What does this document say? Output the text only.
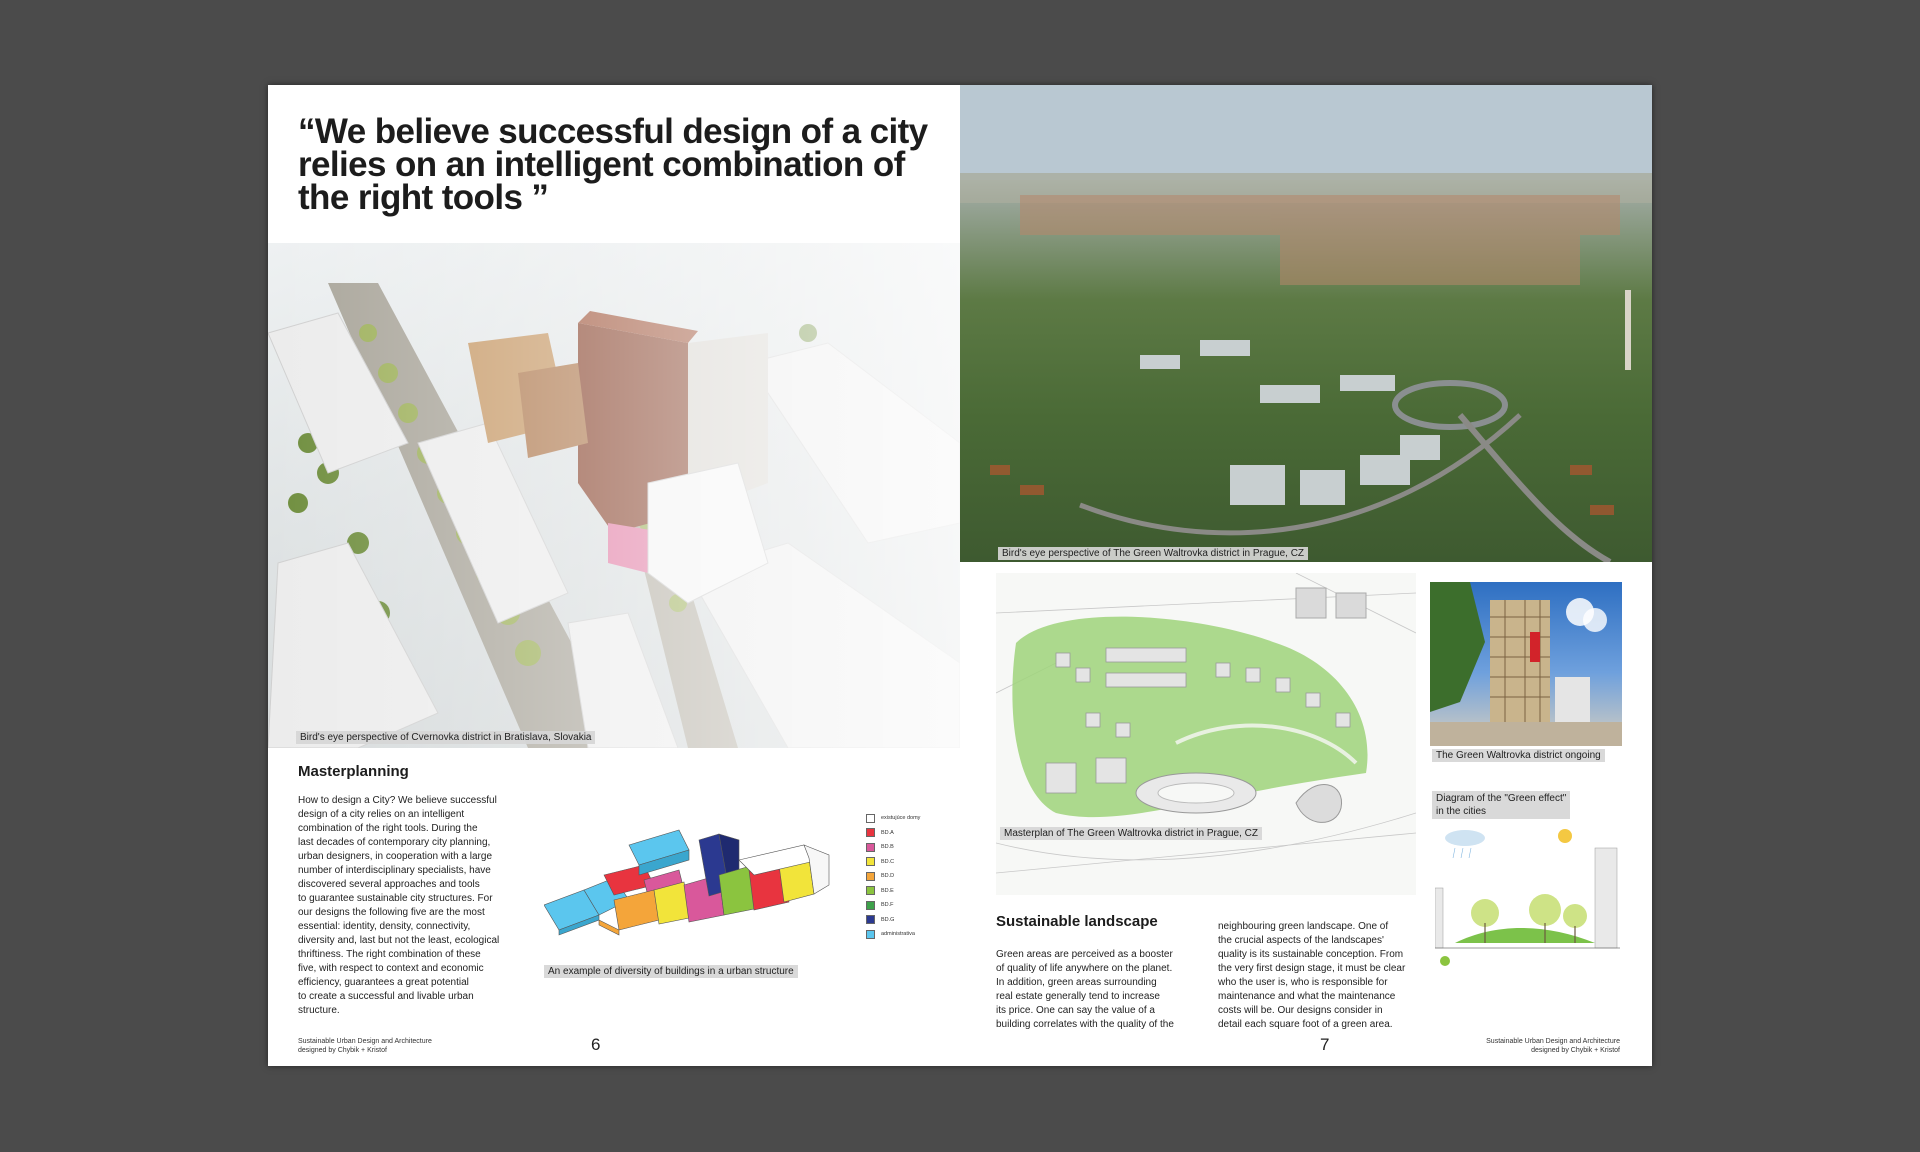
“We believe successful design of a city
relies on an intelligent combination of
the right tools ”
Bird's eye perspective of Cvernovka district in Bratislava, Slovakia
Masterplanning
How to design a City? We believe successful
design of a city relies on an intelligent
combination of the right tools. During the
last decades of contemporary city planning,
urban designers, in cooperation with a large
number of interdisciplinary specialists, have
discovered several approaches and tools
to guarantee sustainable city structures. For
our designs the following five are the most
essential: identity, density, connectivity,
diversity and, last but not the least, ecological
thriftiness. The right combination of these
five, with respect to context and economic
efficiency, guarantees a great potential
to create a successful and livable urban
structure.
An example of diversity of buildings in a urban structure
existujúce domy
BD.A
BD.B
BD.C
BD.D
BD.E
BD.F
BD.G
administrativa
Sustainable Urban Design and Architecture
designed by Chybik + Kristof	6
Bird's eye perspective of The Green Waltrovka district in Prague, CZ
Masterplan of The Green Waltrovka district in Prague, CZ
The Green Waltrovka district ongoing
Diagram of the "Green effect"
in the cities
Sustainable landscape
Green areas are perceived as a booster
of quality of life anywhere on the planet.
In addition, green areas surrounding
real estate generally tend to increase
its price. One can say the value of a
building correlates with the quality of the
neighbouring green landscape. One of
the crucial aspects of the landscapes'
quality is its sustainable conception. From
the very first design stage, it must be clear
who the user is, who is responsible for
maintenance and what the maintenance
costs will be. Our designs consider in
detail each square foot of a green area.
7	Sustainable Urban Design and Architecture
designed by Chybik + Kristof
